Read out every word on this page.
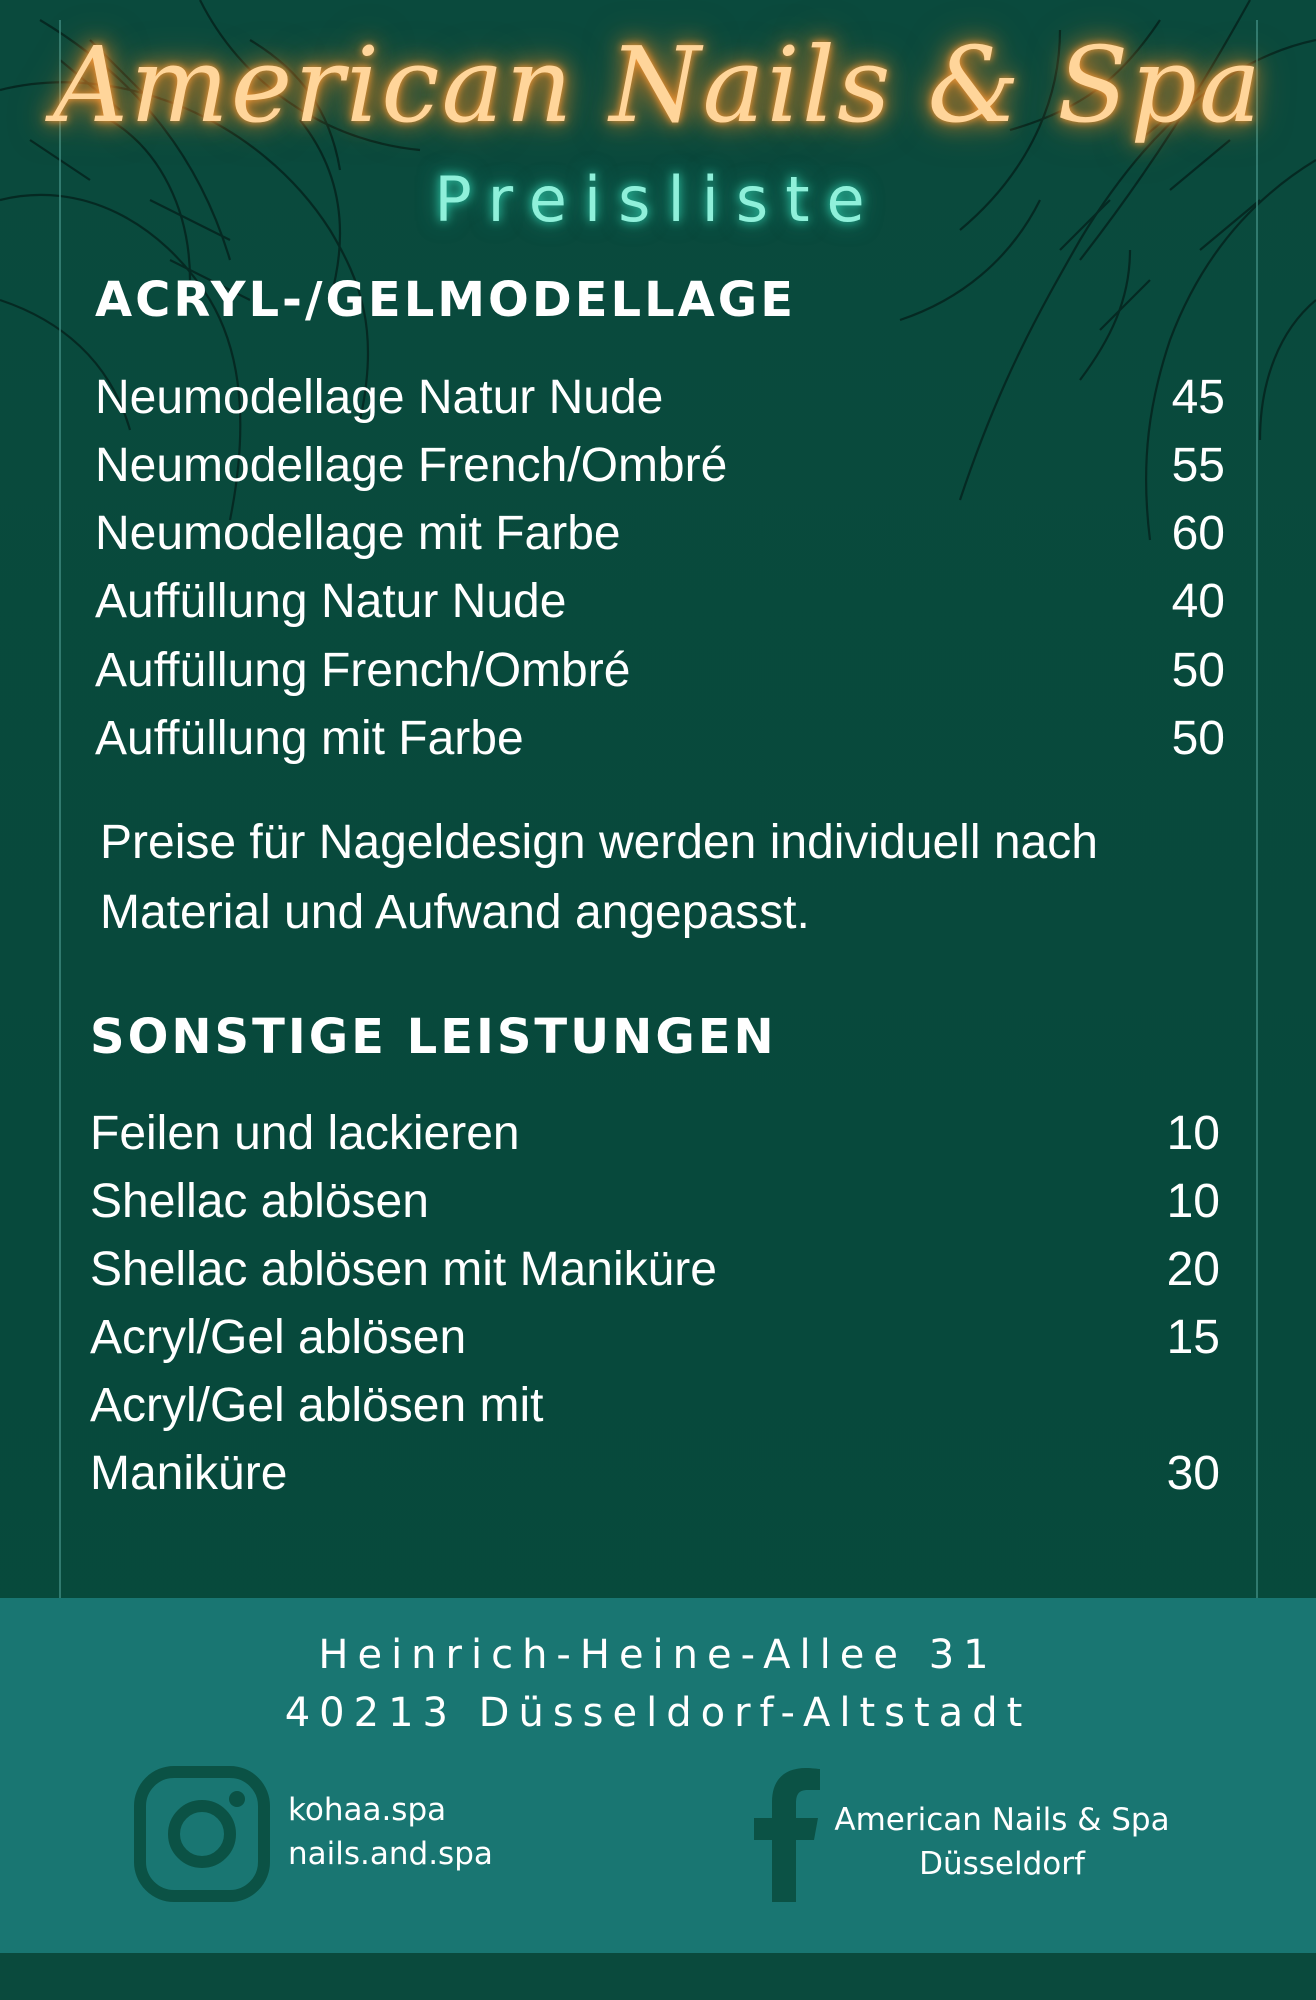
American Nails & Spa
Preisliste
ACRYL-/GELMODELLAGE
Neumodellage Natur Nude	45
Neumodellage French/Ombré	55
Neumodellage mit Farbe	60
Auffüllung Natur Nude	40
Auffüllung French/Ombré	50
Auffüllung mit Farbe	50
Preise für Nageldesign werden individuell nach Material und Aufwand angepasst.
SONSTIGE LEISTUNGEN
Feilen und lackieren	10
Shellac ablösen	10
Shellac ablösen mit Maniküre	20
Acryl/Gel ablösen	15
Acryl/Gel ablösen mit Maniküre	30
Heinrich-Heine-Allee 31
40213 Düsseldorf-Altstadt
kohaa.spa
nails.and.spa
American Nails & Spa
Düsseldorf
